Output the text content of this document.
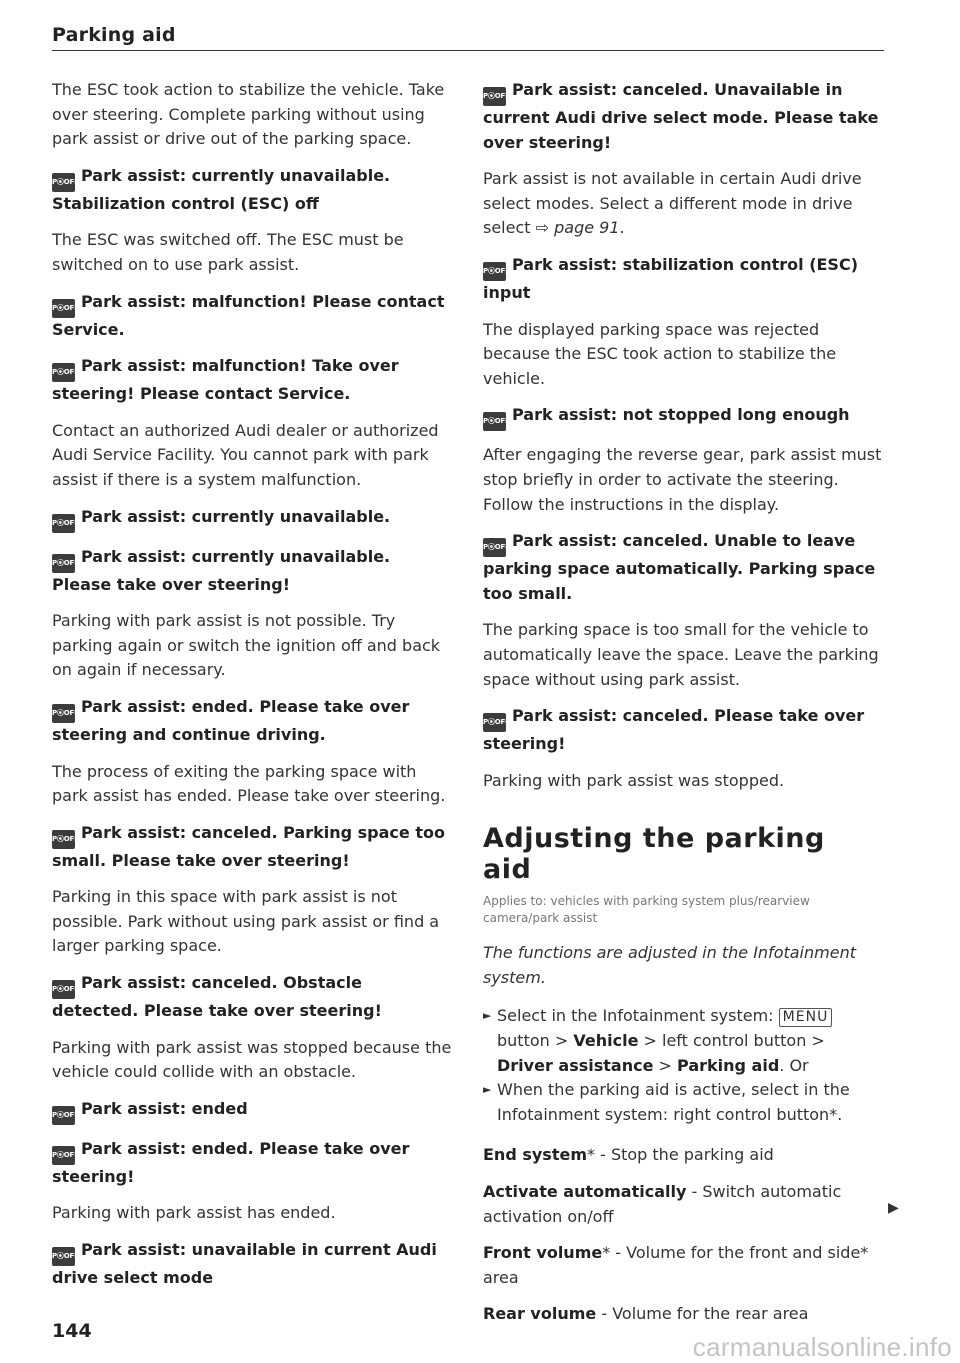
Parking aid

The ESC took action to stabilize the vehicle. Take over steering. Complete parking without using park assist or drive out of the parking space.

P⦿OFF Park assist: currently unavailable. Stabilization control (ESC) off

The ESC was switched off. The ESC must be switched on to use park assist.

P⦿OFF Park assist: malfunction! Please contact Service.

P⦿OFF Park assist: malfunction! Take over steering! Please contact Service.

Contact an authorized Audi dealer or authorized Audi Service Facility. You cannot park with park assist if there is a system malfunction.

P⦿OFF Park assist: currently unavailable.

P⦿OFF Park assist: currently unavailable. Please take over steering!

Parking with park assist is not possible. Try parking again or switch the ignition off and back on again if necessary.

P⦿OFF Park assist: ended. Please take over steering and continue driving.

The process of exiting the parking space with park assist has ended. Please take over steering.

P⦿OFF Park assist: canceled. Parking space too small. Please take over steering!

Parking in this space with park assist is not possible. Park without using park assist or find a larger parking space.

P⦿OFF Park assist: canceled. Obstacle detected. Please take over steering!

Parking with park assist was stopped because the vehicle could collide with an obstacle.

P⦿OFF Park assist: ended

P⦿OFF Park assist: ended. Please take over steering!

Parking with park assist has ended.

P⦿OFF Park assist: unavailable in current Audi drive select mode

P⦿OFF Park assist: canceled. Unavailable in current Audi drive select mode. Please take over steering!

Park assist is not available in certain Audi drive select modes. Select a different mode in drive select ⇨ page 91.

P⦿OFF Park assist: stabilization control (ESC) input

The displayed parking space was rejected because the ESC took action to stabilize the vehicle.

P⦿OFF Park assist: not stopped long enough

After engaging the reverse gear, park assist must stop briefly in order to activate the steering. Follow the instructions in the display.

P⦿OFF Park assist: canceled. Unable to leave parking space automatically. Parking space too small.

The parking space is too small for the vehicle to automatically leave the space. Leave the parking space without using park assist.

P⦿OFF Park assist: canceled. Please take over steering!

Parking with park assist was stopped.

Adjusting the parking aid
Applies to: vehicles with parking system plus/rearview camera/park assist
The functions are adjusted in the Infotainment system.

► Select in the Infotainment system: MENU button > Vehicle > left control button > Driver assistance > Parking aid. Or

► When the parking aid is active, select in the Infotainment system: right control button*.

End system* - Stop the parking aid

Activate automatically - Switch automatic activation on/off

Front volume* - Volume for the front and side* area

Rear volume - Volume for the rear area

▶
144
carmanualsonline.info
